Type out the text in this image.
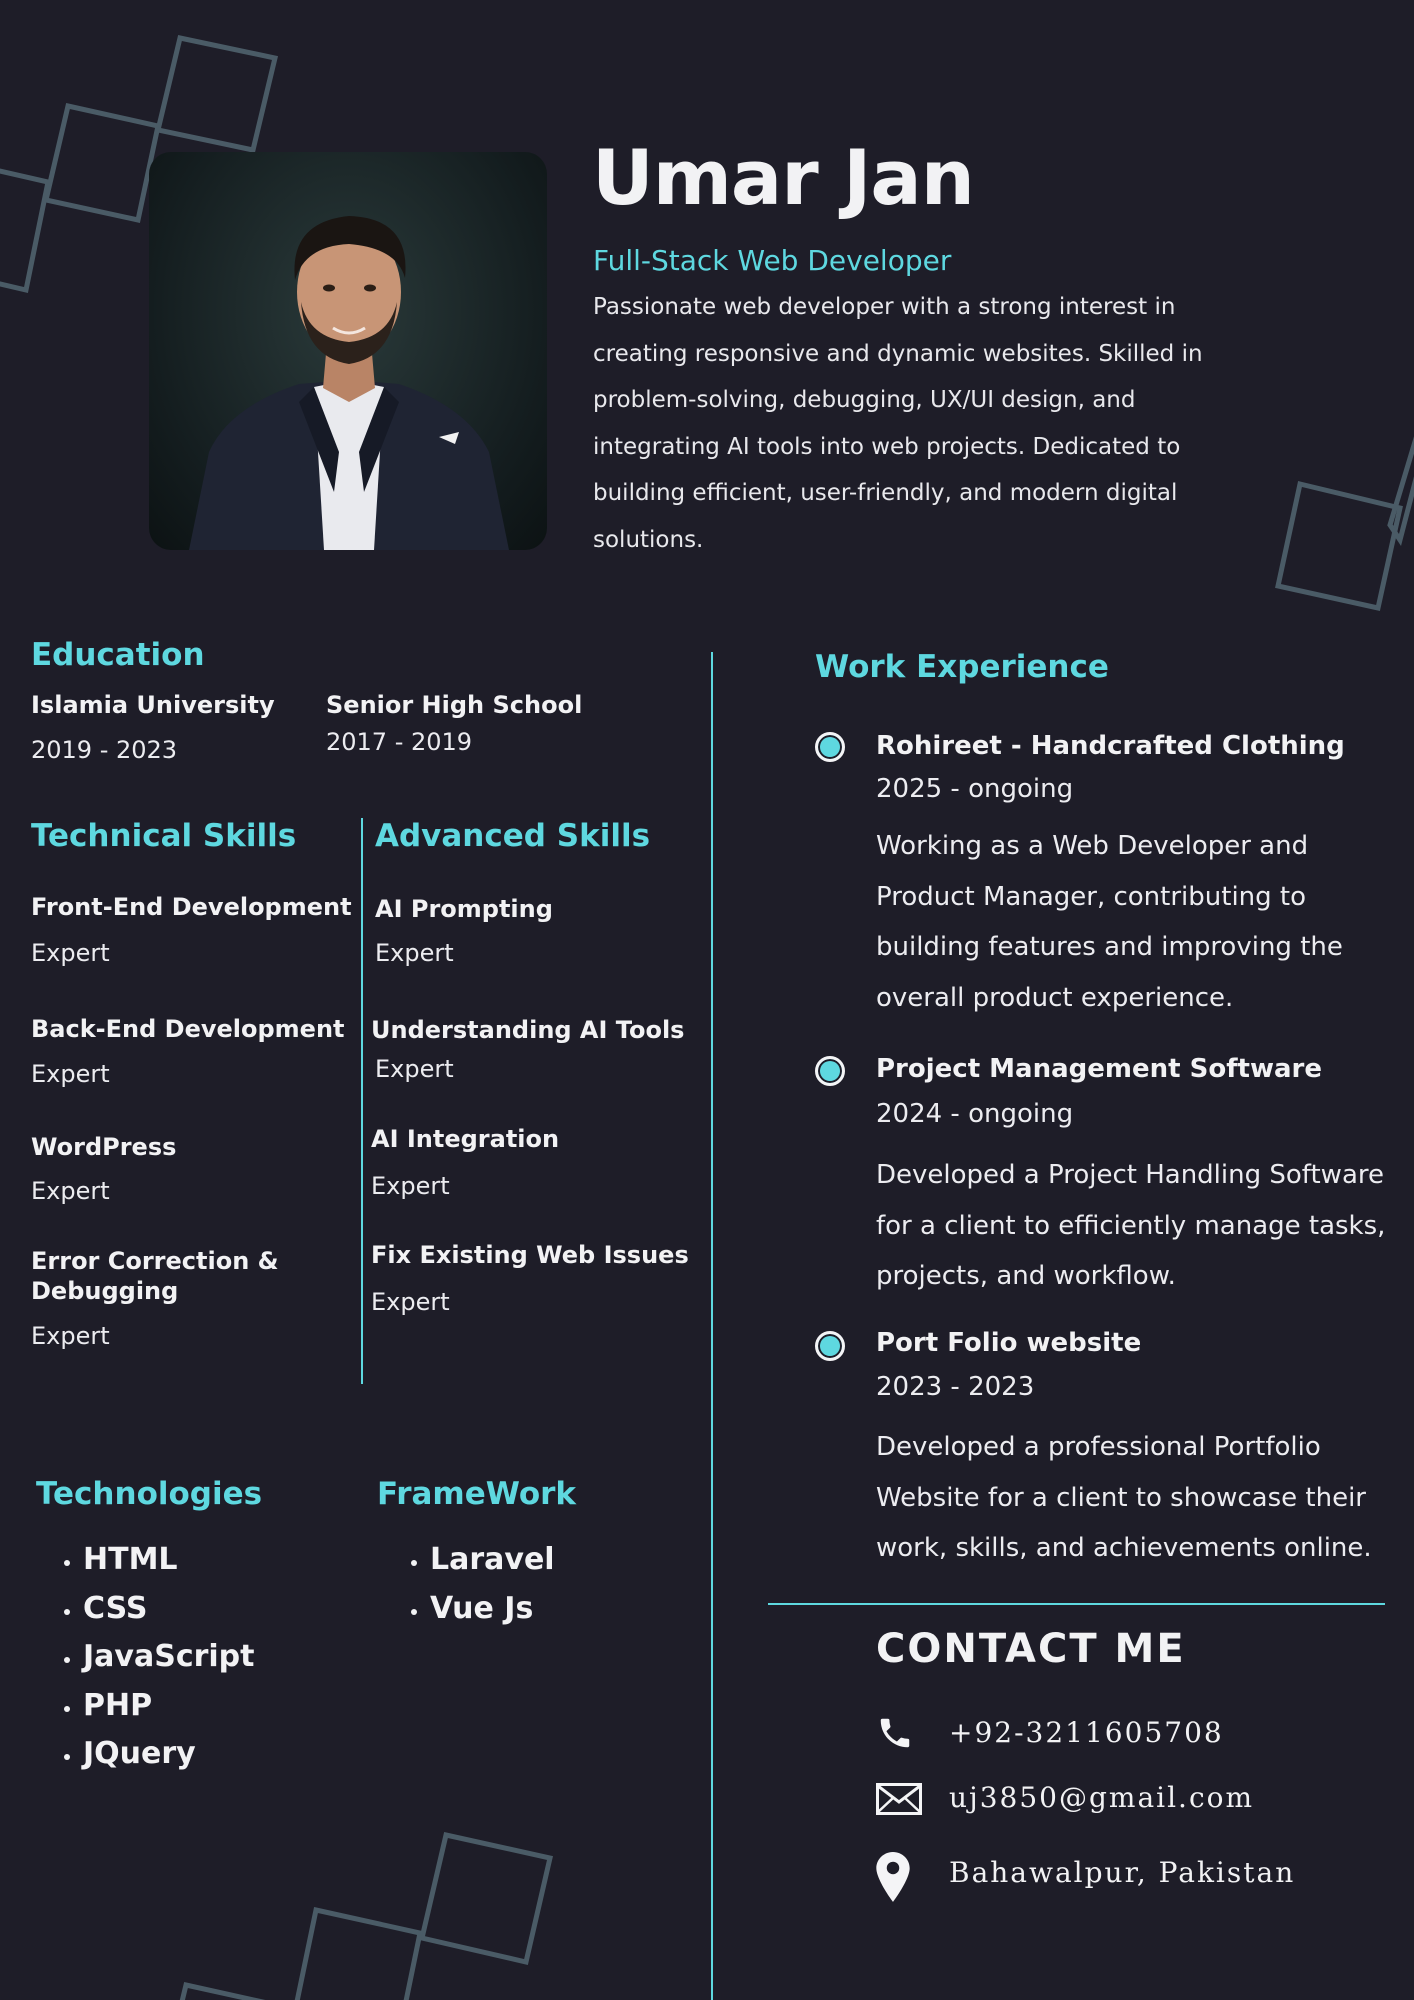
Umar Jan
Full-Stack Web Developer
Passionate web developer with a strong interest in creating responsive and dynamic websites. Skilled in problem-solving, debugging, UX/UI design, and integrating AI tools into web projects. Dedicated to building efficient, user-friendly, and modern digital solutions.
Education
Islamia University
2019 - 2023
Senior High School
2017 - 2019
Technical Skills
Front-End Development
Expert
Back-End Development
Expert
WordPress
Expert
Error Correction & Debugging
Expert
Advanced Skills
AI Prompting
Expert
Understanding AI Tools
Expert
AI Integration
Expert
Fix Existing Web Issues
Expert
Technologies
• HTML
• CSS
• JavaScript
• PHP
• JQuery
FrameWork
• Laravel
• Vue Js
Work Experience
Rohireet - Handcrafted Clothing
2025 - ongoing
Working as a Web Developer and Product Manager, contributing to building features and improving the overall product experience.
Project Management Software
2024 - ongoing
Developed a Project Handling Software for a client to efficiently manage tasks, projects, and workflow.
Port Folio website
2023 - 2023
Developed a professional Portfolio Website for a client to showcase their work, skills, and achievements online.
CONTACT ME
+92-3211605708
uj3850@gmail.com
Bahawalpur, Pakistan
